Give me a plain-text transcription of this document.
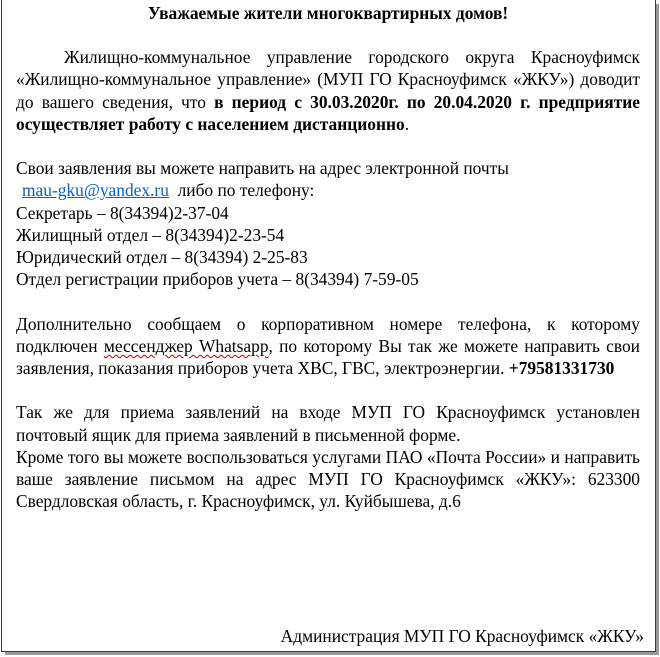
Уважаемые жители многоквартирных домов!

Жилищно-коммунальное управление городского округа Красноуфимск «Жилищно-коммунальное управление» (МУП ГО Красноуфимск «ЖКУ») доводит до вашего сведения, что в период с 30.03.2020г. по 20.04.2020 г. предприятие осуществляет работу с населением дистанционно.

Свои заявления вы можете направить на адрес электронной почты

mau-gku@yandex.ru либо по телефону:

Секретарь – 8(34394)2-37-04

Жилищный отдел – 8(34394)2-23-54

Юридический отдел – 8(34394) 2-25-83

Отдел регистрации приборов учета – 8(34394) 7-59-05

Дополнительно сообщаем о корпоративном номере телефона, к которому подключен мессенджер Whatsapp, по которому Вы так же можете направить свои заявления, показания приборов учета ХВС, ГВС, электроэнергии. +79581331730

Так же для приема заявлений на входе МУП ГО Красноуфимск установлен почтовый ящик для приема заявлений в письменной форме.

Кроме того вы можете воспользоваться услугами ПАО «Почта России» и направить ваше заявление письмом на адрес МУП ГО Красноуфимск «ЖКУ»: 623300 Свердловская область, г. Красноуфимск, ул. Куйбышева, д.6

Администрация МУП ГО Красноуфимск «ЖКУ»
